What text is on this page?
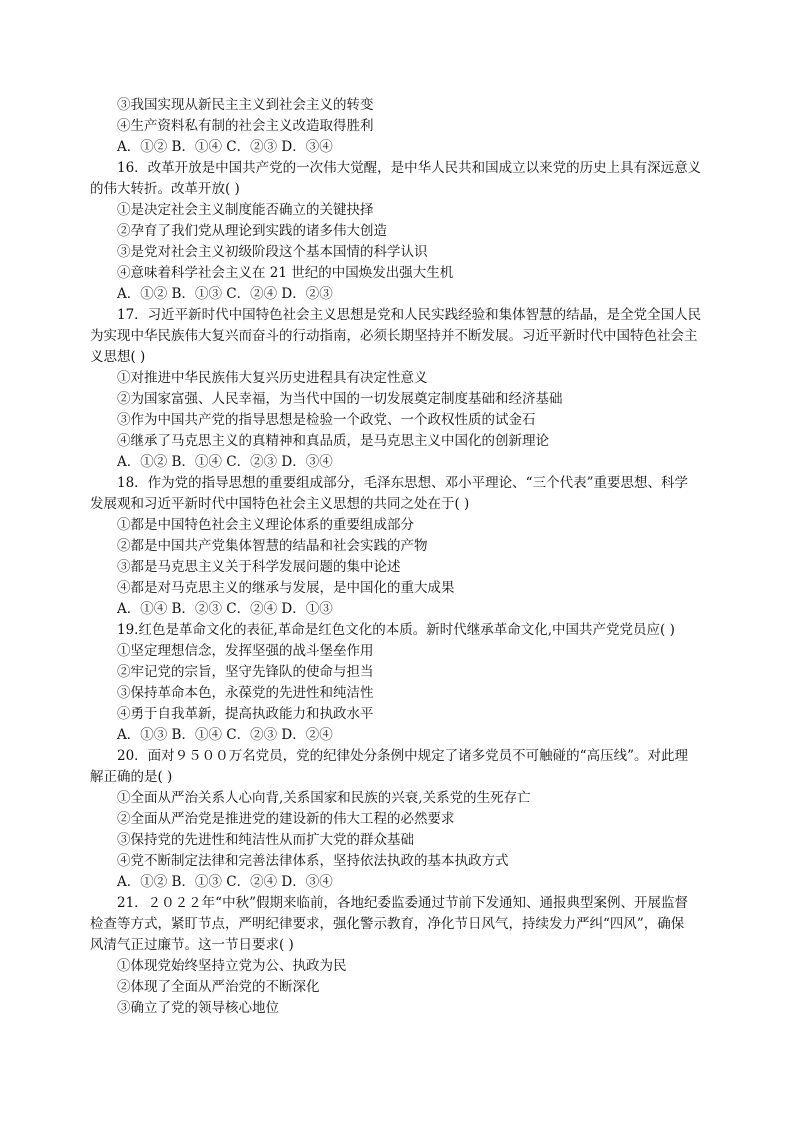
③我国实现从新民主主义到社会主义的转变
④生产资料私有制的社会主义改造取得胜利
A．①② B．①④ C．②③ D．③④
16．改革开放是中国共产党的一次伟大觉醒，是中华人民共和国成立以来党的历史上具有深远意义
的伟大转折。改革开放( )
①是决定社会主义制度能否确立的关键抉择
②孕育了我们党从理论到实践的诸多伟大创造
③是党对社会主义初级阶段这个基本国情的科学认识
④意味着科学社会主义在 21 世纪的中国焕发出强大生机
A．①② B．①③ C．②④ D．②③
17．习近平新时代中国特色社会主义思想是党和人民实践经验和集体智慧的结晶，是全党全国人民
为实现中华民族伟大复兴而奋斗的行动指南，必须长期坚持并不断发展。习近平新时代中国特色社会主
义思想( )
①对推进中华民族伟大复兴历史进程具有决定性意义
②为国家富强、人民幸福，为当代中国的一切发展奠定制度基础和经济基础
③作为中国共产党的指导思想是检验一个政党、一个政权性质的试金石
④继承了马克思主义的真精神和真品质，是马克思主义中国化的创新理论
A．①② B．①④ C．②③ D．③④
18．作为党的指导思想的重要组成部分，毛泽东思想、邓小平理论、“三个代表”重要思想、科学
发展观和习近平新时代中国特色社会主义思想的共同之处在于( )
①都是中国特色社会主义理论体系的重要组成部分
②都是中国共产党集体智慧的结晶和社会实践的产物
③都是马克思主义关于科学发展问题的集中论述
④都是对马克思主义的继承与发展，是中国化的重大成果
A．①④ B．②③ C．②④ D．①③
19.红色是革命文化的表征,革命是红色文化的本质。新时代继承革命文化,中国共产党党员应( )
①坚定理想信念，发挥坚强的战斗堡垒作用
②牢记党的宗旨，坚守先锋队的使命与担当
③保持革命本色，永葆党的先进性和纯洁性
④勇于自我革新，提高执政能力和执政水平
A．①③ B．①④ C．②③ D．②④
20．面对９５００万名党员，党的纪律处分条例中规定了诸多党员不可触碰的“高压线”。对此理
解正确的是( )
①全面从严治关系人心向背,关系国家和民族的兴衰,关系党的生死存亡
②全面从严治党是推进党的建设新的伟大工程的必然要求
③保持党的先进性和纯洁性从而扩大党的群众基础
④党不断制定法律和完善法律体系，坚持依法执政的基本执政方式
A．①② B．①③ C．②④ D．③④
21．２０２２年“中秋”假期来临前，各地纪委监委通过节前下发通知、通报典型案例、开展监督
检查等方式，紧盯节点，严明纪律要求，强化警示教育，净化节日风气，持续发力严纠“四风”，确保
风清气正过廉节。这一节日要求( )
①体现党始终坚持立党为公、执政为民
②体现了全面从严治党的不断深化
③确立了党的领导核心地位
